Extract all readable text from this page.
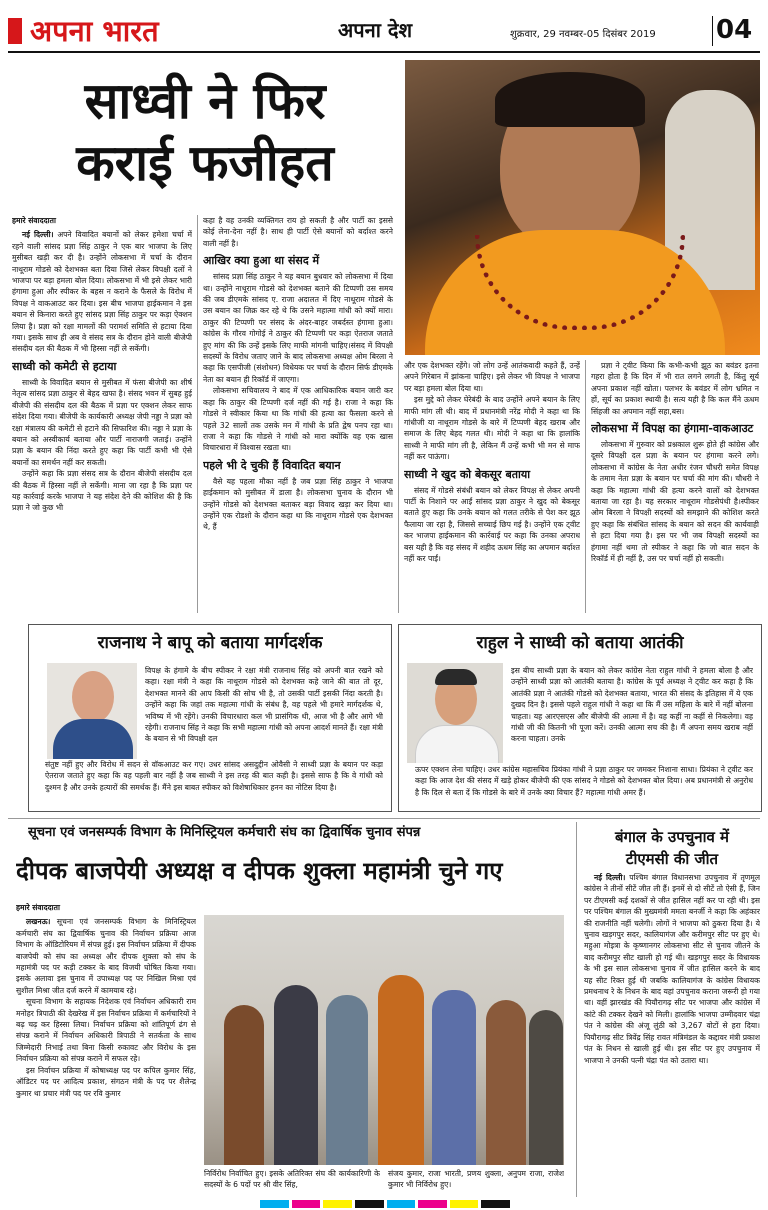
अपना भारत	अपना देश	शुक्रवार, 29 नवम्बर-05 दिसंबर 2019 04
साध्वी ने फिर
कराई फजीहत
हमारे संवाददाता

नई दिल्ली। अपने विवादित बयानों को लेकर हमेशा चर्चा में रहने वाली सांसद प्रज्ञा सिंह ठाकुर ने एक बार भाजपा के लिए मुसीबत खड़ी कर दी है। उन्होंने लोकसभा में चर्चा के दौरान नाथूराम गोडसे को देशभक्त बता दिया जिसे लेकर विपक्षी दलों ने भाजपा पर बड़ा हमला बोल दिया। लोकसभा में भी इसे लेकर भारी हंगामा हुआ और स्पीकर के बहस न कराने के फैसले के विरोध में विपक्ष ने वाकआउट कर दिया। इस बीच भाजपा हाईकमान ने इस बयान से किनारा करते हुए सांसद प्रज्ञा सिंह ठाकुर पर कड़ा ऐक्शन लिया है। प्रज्ञा को रक्षा मामलों की परामर्श समिति से हटाया दिया गया। इसके साथ ही अब वे संसद सत्र के दौरान होने वाली बीजेपी संसदीय दल की बैठक में भी हिस्सा नहीं ले सकेंगी।

साध्वी को कमेटी से हटाया

साध्वी के विवादित बयान से मुसीबत में फंसा बीजेपी का शीर्ष नेतृत्व सांसद प्रज्ञा ठाकुर से बेहद खफा है। संसद भवन में सुबह हुई बीजेपी की संसदीय दल की बैठक में प्रज्ञा पर एक्शन लेकर साफ संदेश दिया गया। बीजेपी के कार्यकारी अध्यक्ष जेपी नड्डा ने प्रज्ञा को रक्षा मंत्रालय की कमेटी से हटाने की सिफारिश की। नड्डा ने प्रज्ञा के बयान को अस्वीकार्य बताया और पार्टी नाराजगी जताई। उन्होंने प्रज्ञा के बयान की निंदा करते हुए कहा कि पार्टी कभी भी ऐसे बयानों का समर्थन नहीं कर सकती।

उन्होंने कहा कि प्रज्ञा संसद सत्र के दौरान बीजेपी संसदीय दल की बैठक में हिस्सा नहीं ले सकेंगी। माना जा रहा है कि प्रज्ञा पर यह कार्रवाई करके भाजपा ने यह संदेश देने की कोशिश की है कि प्रज्ञा ने जो कुछ भी

कहा है वह उनकी व्यक्तिगत राय हो सकती है और पार्टी का इससे कोई लेना-देना नहीं है। साथ ही पार्टी ऐसे बयानों को बर्दाश्त करने वाली नहीं है।

आखिर क्या हुआ था संसद में

सांसद प्रज्ञा सिंह ठाकुर ने यह बयान बुधवार को लोकसभा में दिया था। उन्होंने नाथूराम गोडसे को देशभक्त बताने की टिप्पणी उस समय की जब डीएमके सांसद ए. राजा अदालत में दिए नाथूराम गोडसे के उस बयान का जिक्र कर रहे थे कि उसने महात्मा गांधी को क्यों मारा। ठाकुर की टिप्पणी पर संसद के अंदर-बाहर जबर्दस्त हंगामा हुआ। कांग्रेस के गौरव गोगोई ने ठाकुर की टिप्पणी पर कड़ा ऐतराज जताते हुए मांग की कि उन्हें इसके लिए माफी मांगनी चाहिए।संसद में विपक्षी सदस्यों के विरोध जताए जाने के बाद लोकसभा अध्यक्ष ओम बिरला ने कहा कि एसपीजी (संशोधन) विधेयक पर चर्चा के दौरान सिर्फ डीएमके नेता का बयान ही रिकॉर्ड में जाएगा।

लोकसभा सचिवालय ने बाद में एक आधिकारिक बयान जारी कर कहा कि ठाकुर की टिप्पणी दर्ज नहीं की गई है। राजा ने कहा कि गोडसे ने स्वीकार किया था कि गांधी की हत्या का फैसला करने से पहले 32 सालों तक उसके मन में गांधी के प्रति द्वेष पनप रहा था। राजा ने कहा कि गोडसे ने गांधी को मारा क्योंकि वह एक खास विचारधारा में विश्वास रखता था।

पहले भी दे चुकी हैं विवादित बयान

वैसे यह पहला मौका नहीं है जब प्रज्ञा सिंह ठाकुर ने भाजपा हाईकमान को मुसीबत में डाला है। लोकसभा चुनाव के दौरान भी उन्होंने गोडसे को देशभक्त बताकर बड़ा विवाद खड़ा कर दिया था। उन्होंने एक रोडशो के दौरान कहा था कि नाथूराम गोडसे एक देशभक्त थे, हैं

और एक देशभक्त रहेंगे। जो लोग उन्हें आतंकवादी कहते हैं, उन्हें अपने गिरेबान में झांकना चाहिए। इसे लेकर भी विपक्ष ने भाजपा पर बड़ा हमला बोल दिया था।

इस मुद्दे को लेकर घेरेबंदी के बाद उन्होंने अपने बयान के लिए माफी मांग ली थी। बाद में प्रधानमंत्री नरेंद्र मोदी ने कहा था कि गांधीजी या नाथूराम गोडसे के बारे में टिप्पणी बेहद खराब और समाज के लिए बेहद गलत थी। मोदी ने कहा था कि हालांकि साध्वी ने माफी मांग ली है, लेकिन मैं उन्हें कभी भी मन से माफ नहीं कर पाऊंगा।

साध्वी ने खुद को बेकसूर बताया

संसद में गोडसे संबंधी बयान को लेकर विपक्ष से लेकर अपनी पार्टी के निशाने पर आईं सांसद प्रज्ञा ठाकुर ने खुद को बेकसूर बताते हुए कहा कि उनके बयान को गलत तरीके से पेश कर झूठ फैलाया जा रहा है, जिससे सच्चाई छिप गई है। उन्होंने एक ट्वीट कर भाजपा हाईकमान की कार्रवाई पर कहा कि उनका अपराध बस यही है कि वह संसद में शहीद ऊधम सिंह का अपमान बर्दाश्त नहीं कर पाईं।

प्रज्ञा ने ट्वीट किया कि कभी-कभी झूठ का बवंडर इतना गहरा होता है कि दिन में भी रात लगने लगती है, किंतु सूर्य अपना प्रकाश नहीं खोता। पलभर के बवंडर में लोग भ्रमित न हों, सूर्य का प्रकाश स्थायी है। सत्य यही है कि कल मैंने ऊधम सिंहजी का अपमान नहीं सहा,बस।

लोकसभा में विपक्ष का हंगामा-वाकआउट

लोकसभा में गुरुवार को प्रश्नकाल शुरू होते ही कांग्रेस और दूसरे विपक्षी दल प्रज्ञा के बयान पर हंगामा करने लगे। लोकसभा में कांग्रेस के नेता अधीर रंजन चौधरी समेत विपक्ष के तमाम नेता प्रज्ञा के बयान पर चर्चा की मांग की। चौधरी ने कहा कि महात्मा गांधी की हत्या करने वालों को देशभक्त बताया जा रहा है। यह सरकार नाथूराम गोडसेपंथी है।स्पीकर ओम बिरला ने विपक्षी सदस्यों को समझाने की कोशिश करते हुए कहा कि संबंधित सांसद के बयान को सदन की कार्यवाही से हटा दिया गया है। इस पर भी जब विपक्षी सदस्यों का हंगामा नहीं थमा तो स्पीकर ने कहा कि जो बात सदन के रिकॉर्ड में ही नहीं है, उस पर चर्चा नहीं हो सकती।

राजनाथ ने बापू को बताया मार्गदर्शक
विपक्ष के हंगामे के बीच स्पीकर ने रक्षा मंत्री राजनाथ सिंह को अपनी बात रखने को कहा। रक्षा मंत्री ने कहा कि नाथूराम गोडसे को देशभक्त कहे जाने की बात तो दूर, देशभक्त मानने की आप किसी की सोच भी है, तो उसकी पार्टी इसकी निंदा करती है। उन्होंने कहा कि जहां तक महात्मा गांधी के संबंध है, वह पहले भी हमारे मार्गदर्शक थे, भविष्य में भी रहेंगे। उनकी विचारधारा कल भी प्रासंगिक थी, आज भी है और आगे भी रहेगी। राजनाथ सिंह ने कहा कि सभी महात्मा गांधी को अपना आदर्श मानते हैं। रक्षा मंत्री के बयान से भी विपक्षी दल
संतुष्ट नहीं हुए और विरोध में सदन से वॉकआउट कर गए। उधर सांसद असदुद्दीन ओवैसी ने साध्वी प्रज्ञा के बयान पर कड़ा ऐतराज जताते हुए कहा कि वह पहली बार नहीं है जब साध्वी ने इस तरह की बात कही है। इससे साफ है कि वे गांधी को दुश्मन है और उनके हत्यारों की समर्थक हैं। मैंने इस बाबत स्पीकर को विशेषाधिकार हनन का नोटिस दिया है।
राहुल ने साध्वी को बताया आतंकी
इस बीच साध्वी प्रज्ञा के बयान को लेकर कांग्रेस नेता राहुल गांधी ने हमला बोला है और उन्होंने साध्वी प्रज्ञा को आतंकी बताया है। कांग्रेस के पूर्व अध्यक्ष ने ट्वीट कर कहा है कि आतंकी प्रज्ञा ने आतंकी गोडसे को देशभक्त बताया, भारत की संसद के इतिहास में ये एक दुखद दिन है। इससे पहले राहुल गांधी ने कहा था कि मैं उस महिला के बारे में नहीं बोलना चाहता। यह आरएसएस और बीजेपी की आत्मा में है। वह कहीं ना कहीं से निकलेगा। वह गांधी जी की कितनी भी पूजा करें। उनकी आत्मा सच की है। मैं अपना समय खराब नहीं करना चाहता। उनके
ऊपर एक्शन लेना चाहिए। उधर कांग्रेस महासचिव प्रियंका गांधी ने प्रज्ञा ठाकुर पर जमकर निशाना साधा। प्रियंका ने ट्वीट कर कहा कि आज देश की संसद में खड़े होकर बीजेपी की एक सांसद ने गोडसे को देशभक्त बोल दिया। अब प्रधानमंत्री से अनुरोध है कि दिल से बता दें कि गोडसे के बारे में उनके क्या विचार हैं? महात्मा गांधी अमर हैं।
सूचना एवं जनसम्पर्क विभाग के मिनिस्ट्रियल कर्मचारी संघ का द्विवार्षिक चुनाव संपन्न
दीपक बाजपेयी अध्यक्ष व दीपक शुक्ला महामंत्री चुने गए
हमारे संवाददाता

लखनऊ। सूचना एवं जनसम्पर्क विभाग के मिनिस्ट्रियल कर्मचारी संघ का द्विवार्षिक चुनाव की निर्वाचन प्रक्रिया आज विभाग के ऑडिटोरियम में संपन्न हुई। इस निर्वाचन प्रक्रिया में दीपक बाजपेयी को संघ का अध्यक्ष और दीपक शुक्ला को संघ के महामंत्री पद पर कड़ी टक्कर के बाद विजयी घोषित किया गया। इसके अलावा इस चुनाव में उपाध्यक्ष पद पर निखिल मिश्रा एवं सुशील मिश्रा जीत दर्ज करने में कामयाब रहे।

सूचना विभाग के सहायक निदेशक एवं निर्वाचन अधिकारी राम मनोहर त्रिपाठी की देखरेख में इस निर्वाचन प्रक्रिया में कर्मचारियों ने बढ़ चढ़ कर हिस्सा लिया। निर्वाचन प्रक्रिया को शांतिपूर्ण ढंग से संपन्न कराने में निर्वाचन अधिकारी त्रिपाठी ने सतर्कता के साथ जिम्मेदारी निभाई तथा बिना किसी रुकावट और विरोध के इस निर्वाचन प्रक्रिया को संपन्न कराने में सफल रहे।

इस निर्वाचन प्रक्रिया में कोषाध्यक्ष पद पर कपिल कुमार सिंह, ऑडिटर पद पर आदित्य प्रकाश, संगठन मंत्री के पद पर शैलेन्द्र कुमार था प्रचार मंत्री पद पर रवि कुमार

निर्विरोध निर्वाचित हुए। इसके अतिरिक्त संघ की कार्यकारिणी के सदस्यों के 6 पदों पर श्री वीर सिंह,
संजय कुमार, राजा भारती, प्रणय शुक्ला, अनुपम राजा, राजेश कुमार भी निर्विरोध हुए।
बंगाल के उपचुनाव में
टीएमसी की जीत

नई दिल्ली। पश्चिम बंगाल विधानसभा उपचुनाव में तृणमूल कांग्रेस ने तीनों सीटें जीत ली हैं। इनमें से दो सीटें तो ऐसी हैं, जिन पर टीएमसी कई दशकों से जीत हासिल नहीं कर पा रही थी। इस पर पश्चिम बंगाल की मुख्यमंत्री ममता बनर्जी ने कहा कि अहंकार की राजनीति नहीं चलेगी। लोगों ने भाजपा को ठुकरा दिया है। ये चुनाव खड़गपुर सदर, कालियागंज और करीमपुर सीट पर हुए थे। महुआ मोइत्रा के कृष्णानगर लोकसभा सीट से चुनाव जीतने के बाद करीमपुर सीट खाली हो गई थी। खड़गपुर सदर के विधायक के भी इस साल लोकसभा चुनाव में जीत हासिल करने के बाद यह सीट रिक्त हुई थी जबकि कालियागंज के कांग्रेस विधायक प्रमथनाथ रे के निधन के बाद यहां उपचुनाव कराना जरूरी हो गया था। वहीं झारखंड की पियौरागढ़ सीट पर भाजपा और कांग्रेस में कांटे की टक्कर देखने को मिली। हालांकि भाजपा उम्मीदवार चंद्रा पंत ने कांग्रेस की अंजू लुंठी को 3,267 वोटों से हरा दिया। पियौरागढ़ सीट त्रिवेंद्र सिंह रावत मंत्रिमंडल के कद्दावर मंत्री प्रकाश पंत के निधन से खाली हुई थी। इस सीट पर हुए उपचुनाव में भाजपा ने उनकी पत्नी चंद्रा पंत को उतारा था।
